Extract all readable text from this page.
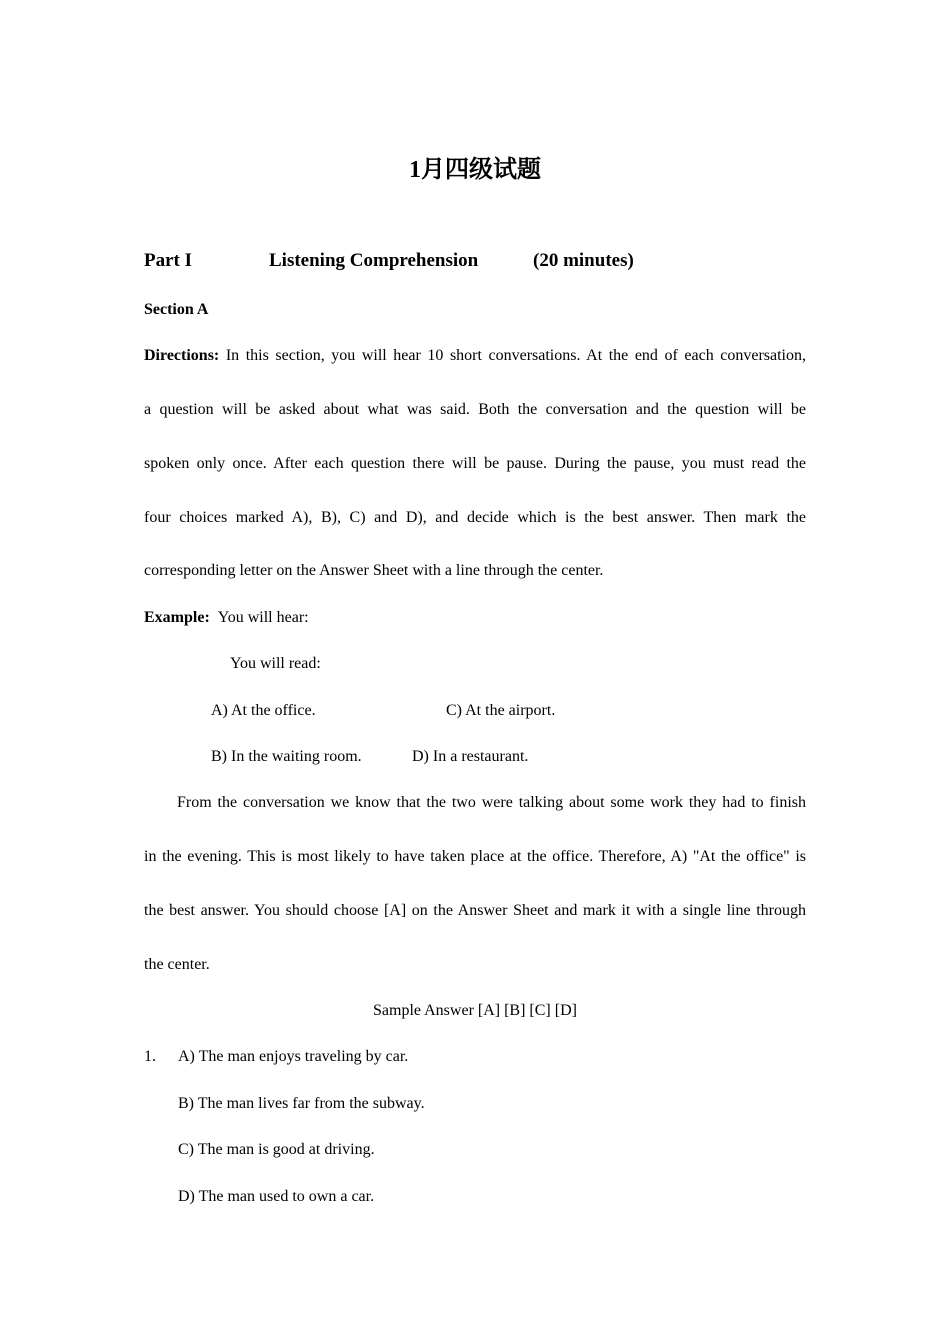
1月四级试题
Part I	Listening Comprehension	(20 minutes)
Section A
Directions: In this section, you will hear 10 short conversations. At the end of each conversation,
a question will be asked about what was said. Both the conversation and the question will be
spoken only once. After each question there will be pause. During the pause, you must read the
four choices marked A), B), C) and D), and decide which is the best answer. Then mark the
corresponding letter on the Answer Sheet with a line through the center.
Example: You will hear:
You will read:
A) At the office.	C) At the airport.
B) In the waiting room.	D) In a restaurant.
From the conversation we know that the two were talking about some work they had to finish
in the evening. This is most likely to have taken place at the office. Therefore, A) "At the office" is
the best answer. You should choose [A] on the Answer Sheet and mark it with a single line through
the center.
Sample Answer [A] [B] [C] [D]
1. A) The man enjoys traveling by car.
B) The man lives far from the subway.
C) The man is good at driving.
D) The man used to own a car.
